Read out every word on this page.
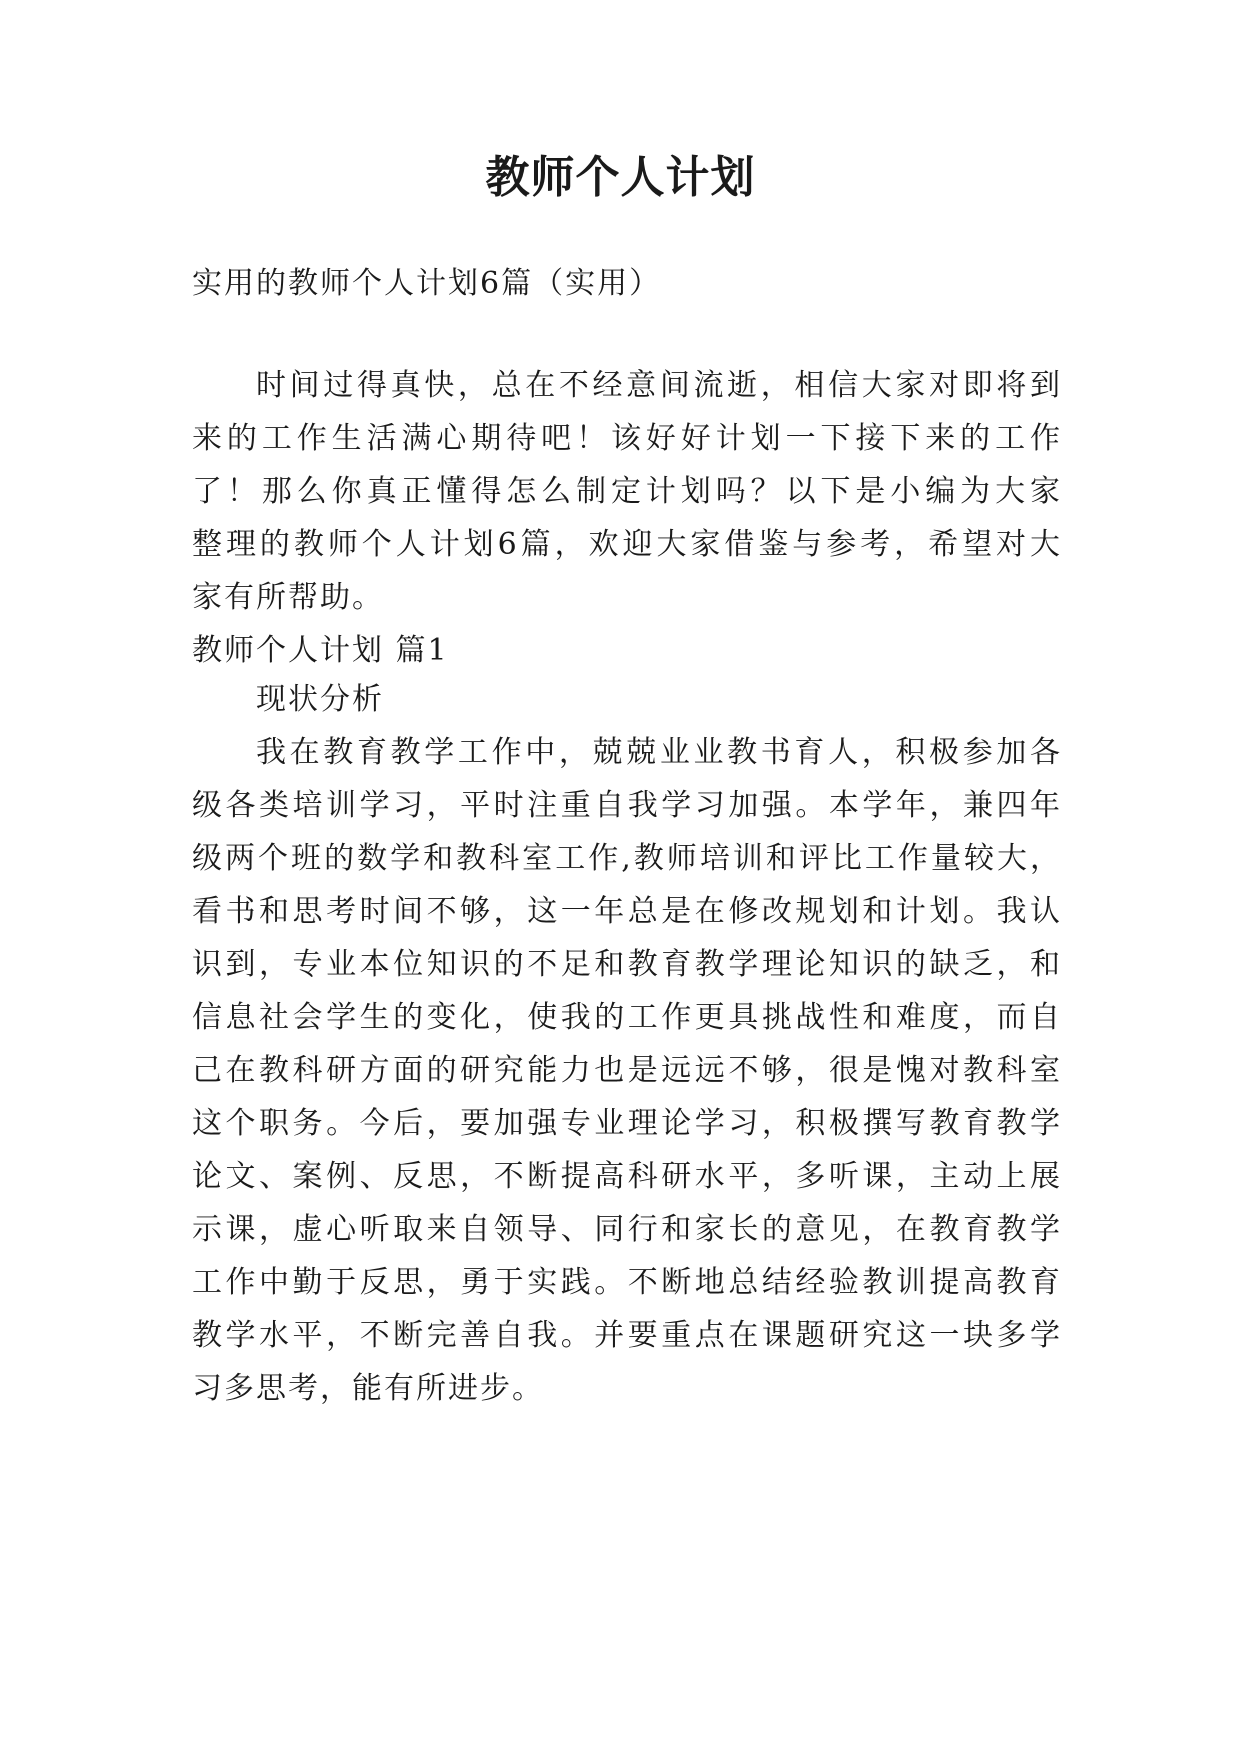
教师个人计划
实用的教师个人计划6篇（实用）
时间过得真快，总在不经意间流逝，相信大家对即将到
来的工作生活满心期待吧！该好好计划一下接下来的工作
了！那么你真正懂得怎么制定计划吗？以下是小编为大家
整理的教师个人计划6篇，欢迎大家借鉴与参考，希望对大
家有所帮助。
教师个人计划 篇1
现状分析
我在教育教学工作中，兢兢业业教书育人，积极参加各
级各类培训学习，平时注重自我学习加强。本学年，兼四年
级两个班的数学和教科室工作,教师培训和评比工作量较大，
看书和思考时间不够，这一年总是在修改规划和计划。我认
识到，专业本位知识的不足和教育教学理论知识的缺乏，和
信息社会学生的变化，使我的工作更具挑战性和难度，而自
己在教科研方面的研究能力也是远远不够，很是愧对教科室
这个职务。今后，要加强专业理论学习，积极撰写教育教学
论文、案例、反思，不断提高科研水平，多听课，主动上展
示课，虚心听取来自领导、同行和家长的意见，在教育教学
工作中勤于反思，勇于实践。不断地总结经验教训提高教育
教学水平，不断完善自我。并要重点在课题研究这一块多学
习多思考，能有所进步。
